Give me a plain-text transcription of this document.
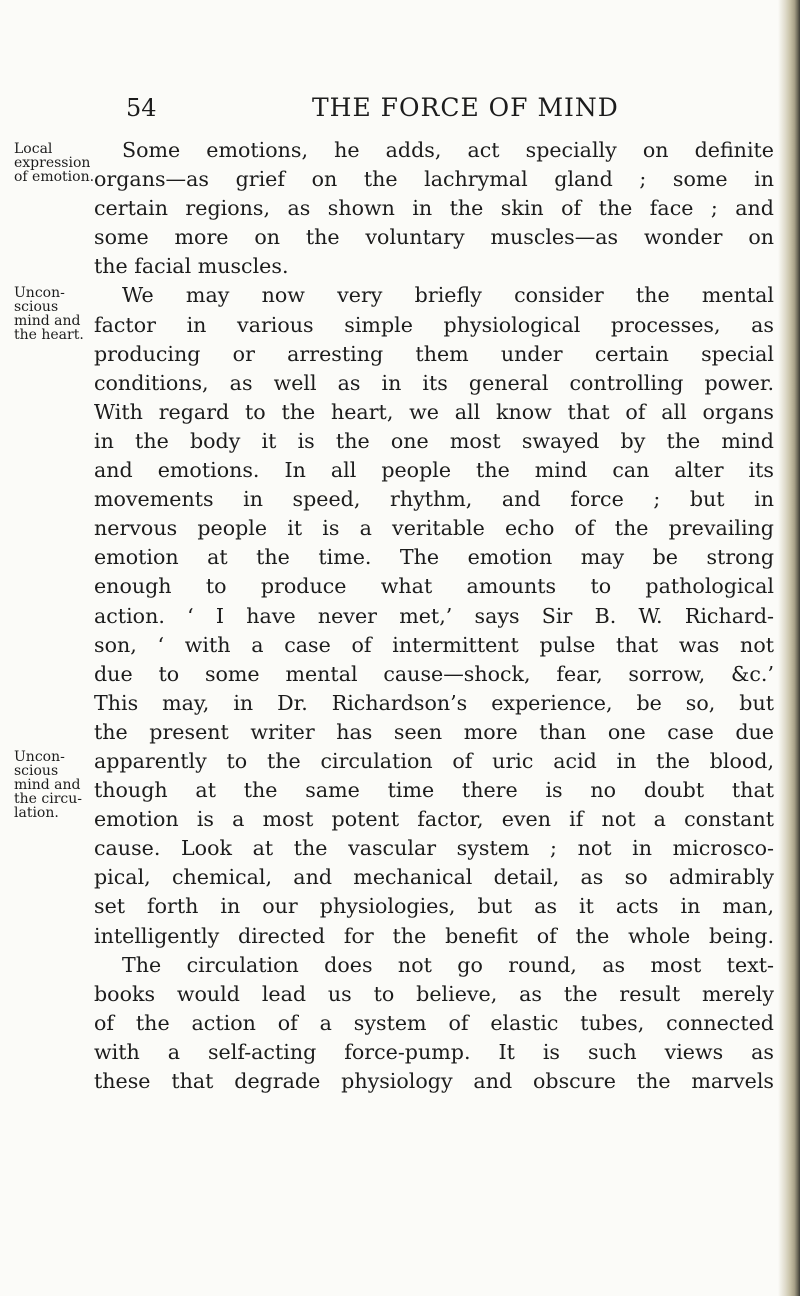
54	THE FORCE OF MIND
Local
expression
of emotion.
Uncon-
scious
mind and
the heart.
Uncon-
scious
mind and
the circu-
lation.
Some emotions, he adds, act specially on definite
organs—as grief on the lachrymal gland ; some in
certain regions, as shown in the skin of the face ; and
some more on the voluntary muscles—as wonder on
the facial muscles.
We may now very briefly consider the mental
factor in various simple physiological processes, as
producing or arresting them under certain special
conditions, as well as in its general controlling power.
With regard to the heart, we all know that of all organs
in the body it is the one most swayed by the mind
and emotions. In all people the mind can alter its
movements in speed, rhythm, and force ; but in
nervous people it is a veritable echo of the prevailing
emotion at the time. The emotion may be strong
enough to produce what amounts to pathological
action. ‘ I have never met,’ says Sir B. W. Richard-
son, ‘ with a case of intermittent pulse that was not
due to some mental cause—shock, fear, sorrow, &c.’
This may, in Dr. Richardson’s experience, be so, but
the present writer has seen more than one case due
apparently to the circulation of uric acid in the blood,
though at the same time there is no doubt that
emotion is a most potent factor, even if not a constant
cause. Look at the vascular system ; not in microsco-
pical, chemical, and mechanical detail, as so admirably
set forth in our physiologies, but as it acts in man,
intelligently directed for the benefit of the whole being.
The circulation does not go round, as most text-
books would lead us to believe, as the result merely
of the action of a system of elastic tubes, connected
with a self-acting force-pump. It is such views as
these that degrade physiology and obscure the marvels
